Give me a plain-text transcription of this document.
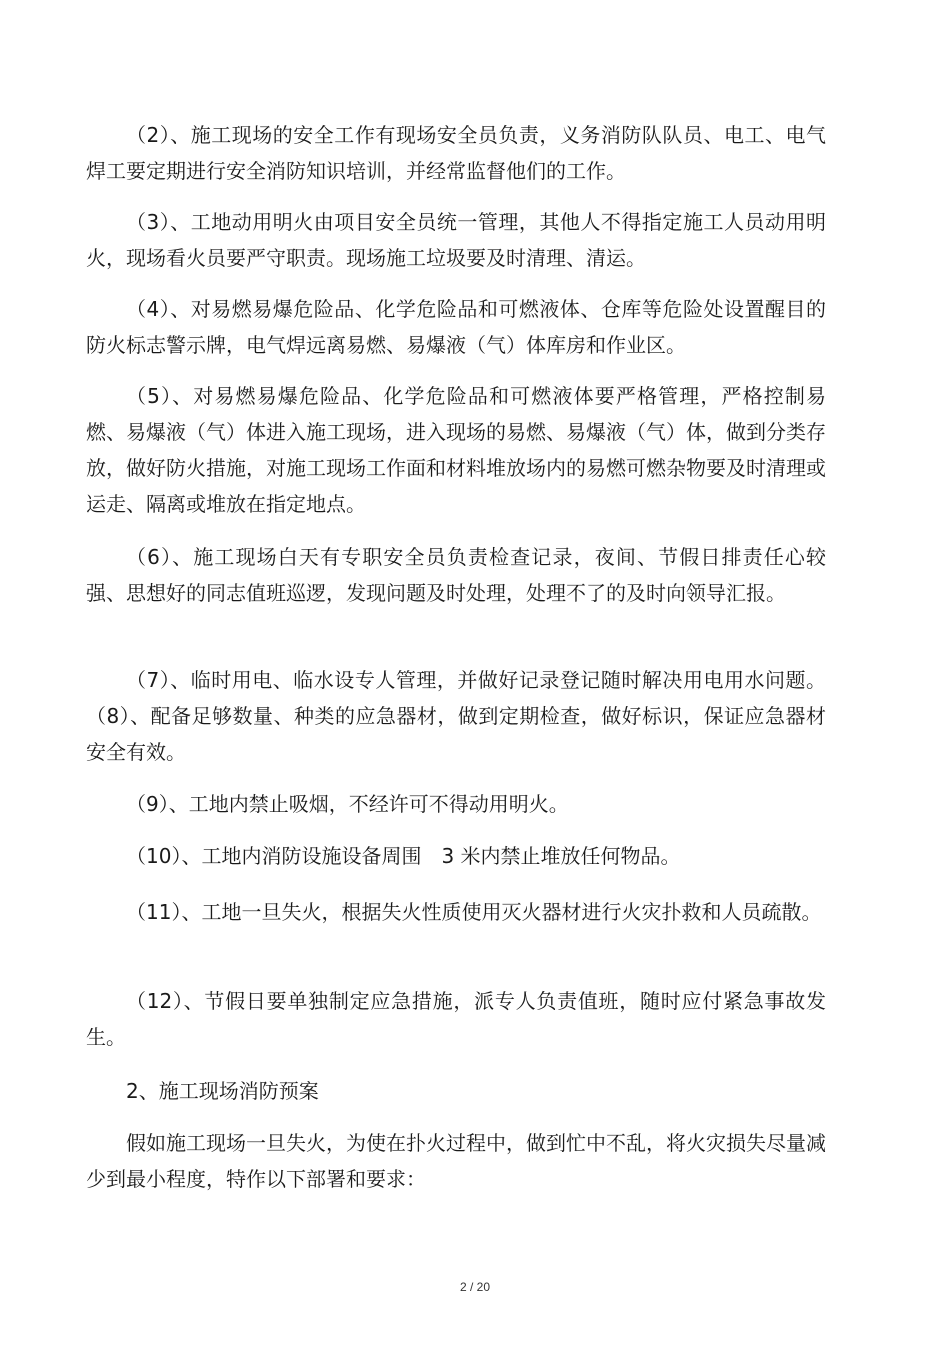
（2）、施工现场的安全工作有现场安全员负责，义务消防队队员、电工、电气焊工要定期进行安全消防知识培训，并经常监督他们的工作。

（3）、工地动用明火由项目安全员统一管理，其他人不得指定施工人员动用明火，现场看火员要严守职责。现场施工垃圾要及时清理、清运。

（4）、对易燃易爆危险品、化学危险品和可燃液体、仓库等危险处设置醒目的防火标志警示牌，电气焊远离易燃、易爆液（气）体库房和作业区。

（5）、对易燃易爆危险品、化学危险品和可燃液体要严格管理，严格控制易燃、易爆液（气）体进入施工现场，进入现场的易燃、易爆液（气）体，做到分类存放，做好防火措施，对施工现场工作面和材料堆放场内的易燃可燃杂物要及时清理或运走、隔离或堆放在指定地点。

（6）、施工现场白天有专职安全员负责检查记录，夜间、节假日排责任心较强、思想好的同志值班巡逻，发现问题及时处理，处理不了的及时向领导汇报。

（7）、临时用电、临水设专人管理，并做好记录登记随时解决用电用水问题。（8）、配备足够数量、种类的应急器材，做到定期检查，做好标识，保证应急器材安全有效。

（9）、工地内禁止吸烟，不经许可不得动用明火。

（10）、工地内消防设施设备周围　3 米内禁止堆放任何物品。

（11）、工地一旦失火，根据失火性质使用灭火器材进行火灾扑救和人员疏散。

（12）、节假日要单独制定应急措施，派专人负责值班，随时应付紧急事故发生。

2、施工现场消防预案

假如施工现场一旦失火，为使在扑火过程中，做到忙中不乱，将火灾损失尽量减少到最小程度，特作以下部署和要求：

2 / 20
